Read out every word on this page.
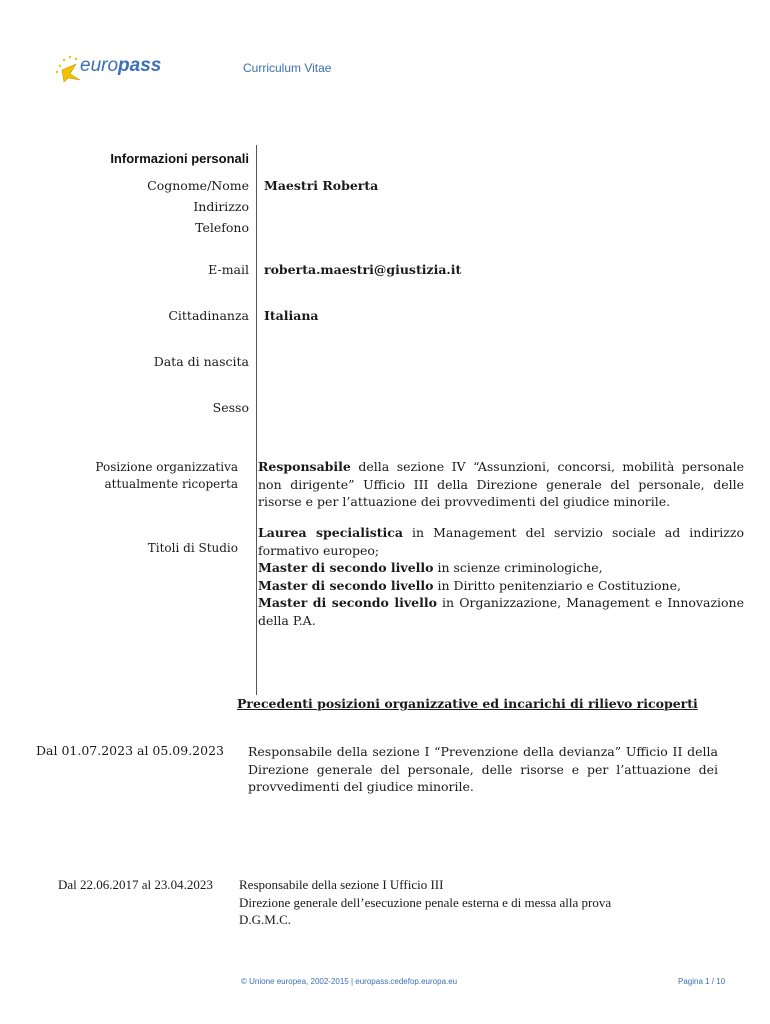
europass	Curriculum Vitae
Informazioni personali
Cognome/Nome Maestri Roberta
Indirizzo
Telefono
E-mail roberta.maestri@giustizia.it
Cittadinanza Italiana
Data di nascita
Sesso
Posizione organizzativa
attualmente ricoperta
Responsabile della sezione IV “Assunzioni, concorsi, mobilità personale non dirigente” Ufficio III della Direzione generale del personale, delle risorse e per l’attuazione dei provvedimenti del giudice minorile.
Titoli di Studio
Laurea specialistica in Management del servizio sociale ad indirizzo formativo europeo;
Master di secondo livello in scienze criminologiche,
Master di secondo livello in Diritto penitenziario e Costituzione,
Master di secondo livello in Organizzazione, Management e Innovazione della P.A.
Precedenti posizioni organizzative ed incarichi di rilievo ricoperti
Dal 01.07.2023 al 05.09.2023 Responsabile della sezione I “Prevenzione della devianza” Ufficio II della Direzione generale del personale, delle risorse e per l’attuazione dei provvedimenti del giudice minorile.
Dal 22.06.2017 al 23.04.2023 Responsabile della sezione I Ufficio III
Direzione generale dell’esecuzione penale esterna e di messa alla prova
D.G.M.C.
© Unione europea, 2002-2015 | europass.cedefop.europa.eu	Pagina 1 / 10
